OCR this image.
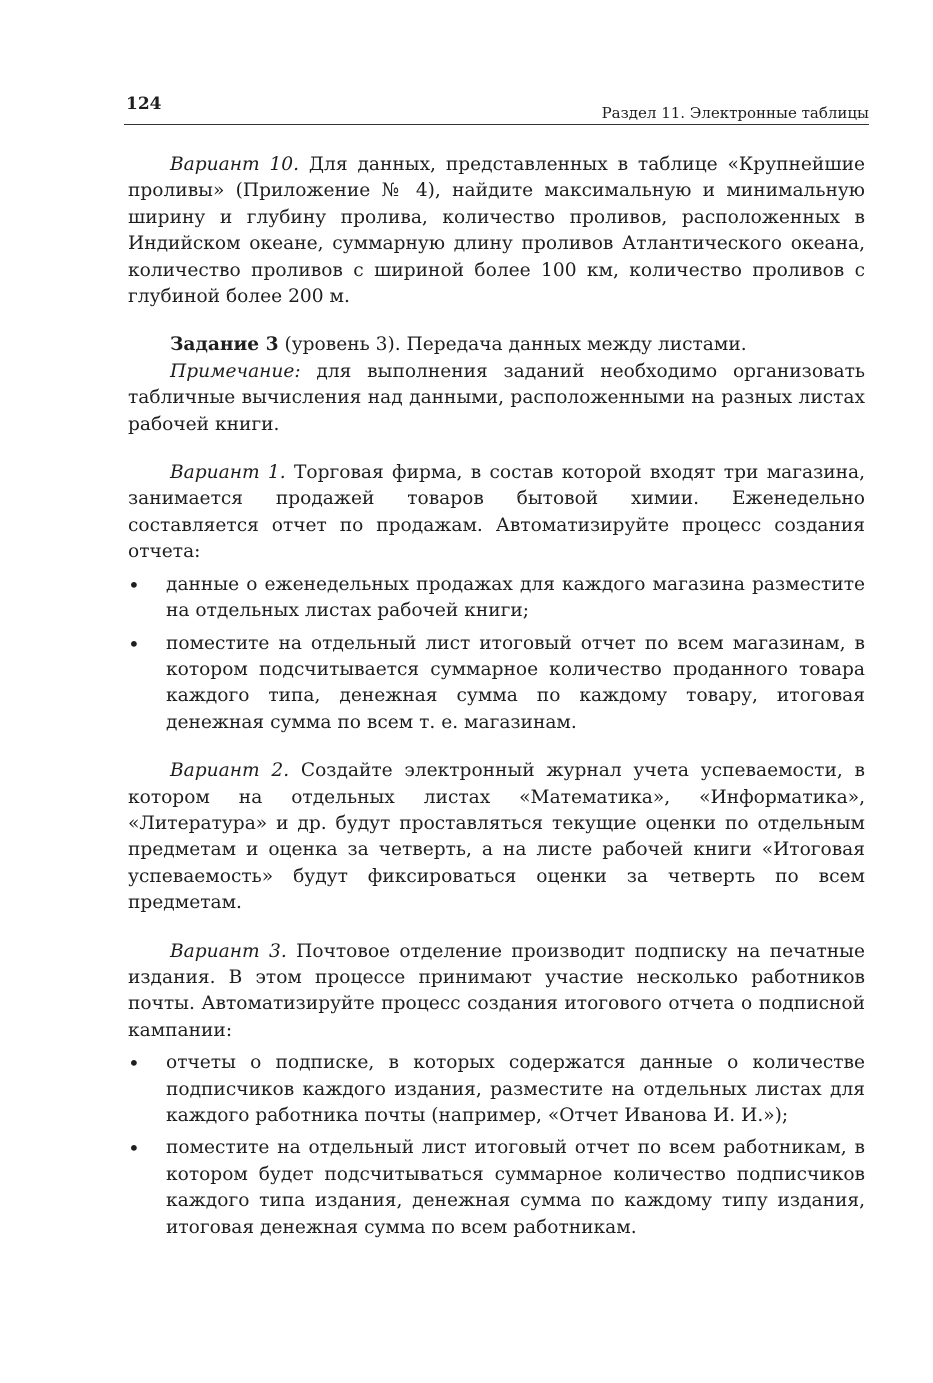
124	Раздел 11. Электронные таблицы

Вариант 10. Для данных, представленных в таблице «Крупнейшие проливы» (Приложение № 4), найдите максимальную и минимальную ширину и глубину пролива, количество проливов, расположенных в Индийском океане, суммарную длину проливов Атлантического океана, количество проливов с шириной более 100 км, количество проливов с глубиной более 200 м.

Задание 3 (уровень 3). Передача данных между листами.

Примечание: для выполнения заданий необходимо организовать табличные вычисления над данными, расположенными на разных листах рабочей книги.

Вариант 1. Торговая фирма, в состав которой входят три магазина, занимается продажей товаров бытовой химии. Еженедельно составляется отчет по продажам. Автоматизируйте процесс создания отчета:

• данные о еженедельных продажах для каждого магазина разместите на отдельных листах рабочей книги;
• поместите на отдельный лист итоговый отчет по всем магазинам, в котором подсчитывается суммарное количество проданного товара каждого типа, денежная сумма по каждому товару, итоговая денежная сумма по всем т. е. магазинам.

Вариант 2. Создайте электронный журнал учета успеваемости, в котором на отдельных листах «Математика», «Информатика», «Литература» и др. будут проставляться текущие оценки по отдельным предметам и оценка за четверть, а на листе рабочей книги «Итоговая успеваемость» будут фиксироваться оценки за четверть по всем предметам.

Вариант 3. Почтовое отделение производит подписку на печатные издания. В этом процессе принимают участие несколько работников почты. Автоматизируйте процесс создания итогового отчета о подписной кампании:

• отчеты о подписке, в которых содержатся данные о количестве подписчиков каждого издания, разместите на отдельных листах для каждого работника почты (например, «Отчет Иванова И. И.»);
• поместите на отдельный лист итоговый отчет по всем работникам, в котором будет подсчитываться суммарное количество подписчиков каждого типа издания, денежная сумма по каждому типу издания, итоговая денежная сумма по всем работникам.
